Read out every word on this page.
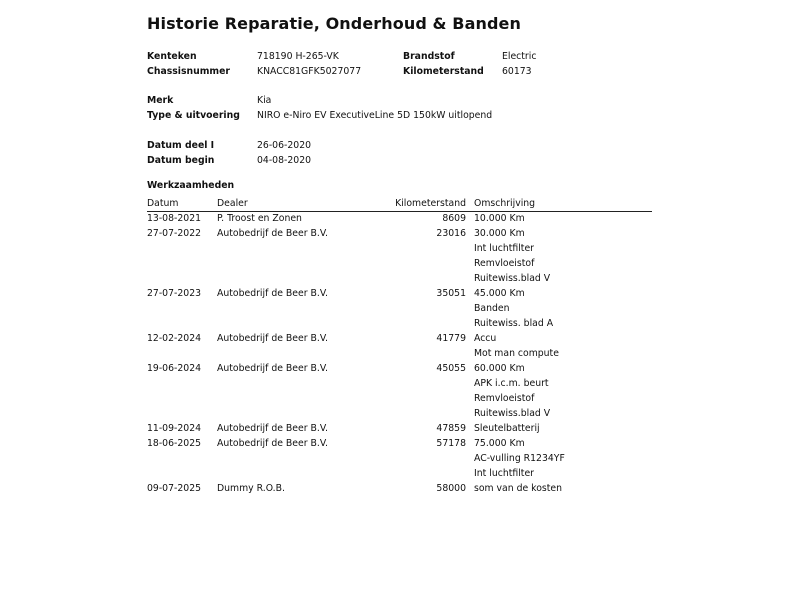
Historie Reparatie, Onderhoud & Banden
Kenteken	718190 H-265-VK	Brandstof	Electric
Chassisnummer	KNACC81GFK5027077	Kilometerstand 60173
Merk	Kia
Type & uitvoering NIRO e-Niro EV ExecutiveLine 5D 150kW uitlopend
Datum deel I	26-06-2020
Datum begin	04-08-2020
Werkzaamheden
Datum	Dealer	Kilometerstand Omschrijving
13-08-2021 P. Troost en Zonen	8609 10.000 Km
27-07-2022 Autobedrijf de Beer B.V.	23016 30.000 Km
Int luchtfilter
Remvloeistof
Ruitewiss.blad V
27-07-2023 Autobedrijf de Beer B.V.	35051 45.000 Km
Banden
Ruitewiss. blad A
12-02-2024 Autobedrijf de Beer B.V.	41779 Accu
Mot man compute
19-06-2024 Autobedrijf de Beer B.V.	45055 60.000 Km
APK i.c.m. beurt
Remvloeistof
Ruitewiss.blad V
11-09-2024 Autobedrijf de Beer B.V.	47859 Sleutelbatterij
18-06-2025 Autobedrijf de Beer B.V.	57178 75.000 Km
AC-vulling R1234YF
Int luchtfilter
09-07-2025 Dummy R.O.B.	58000 som van de kosten
